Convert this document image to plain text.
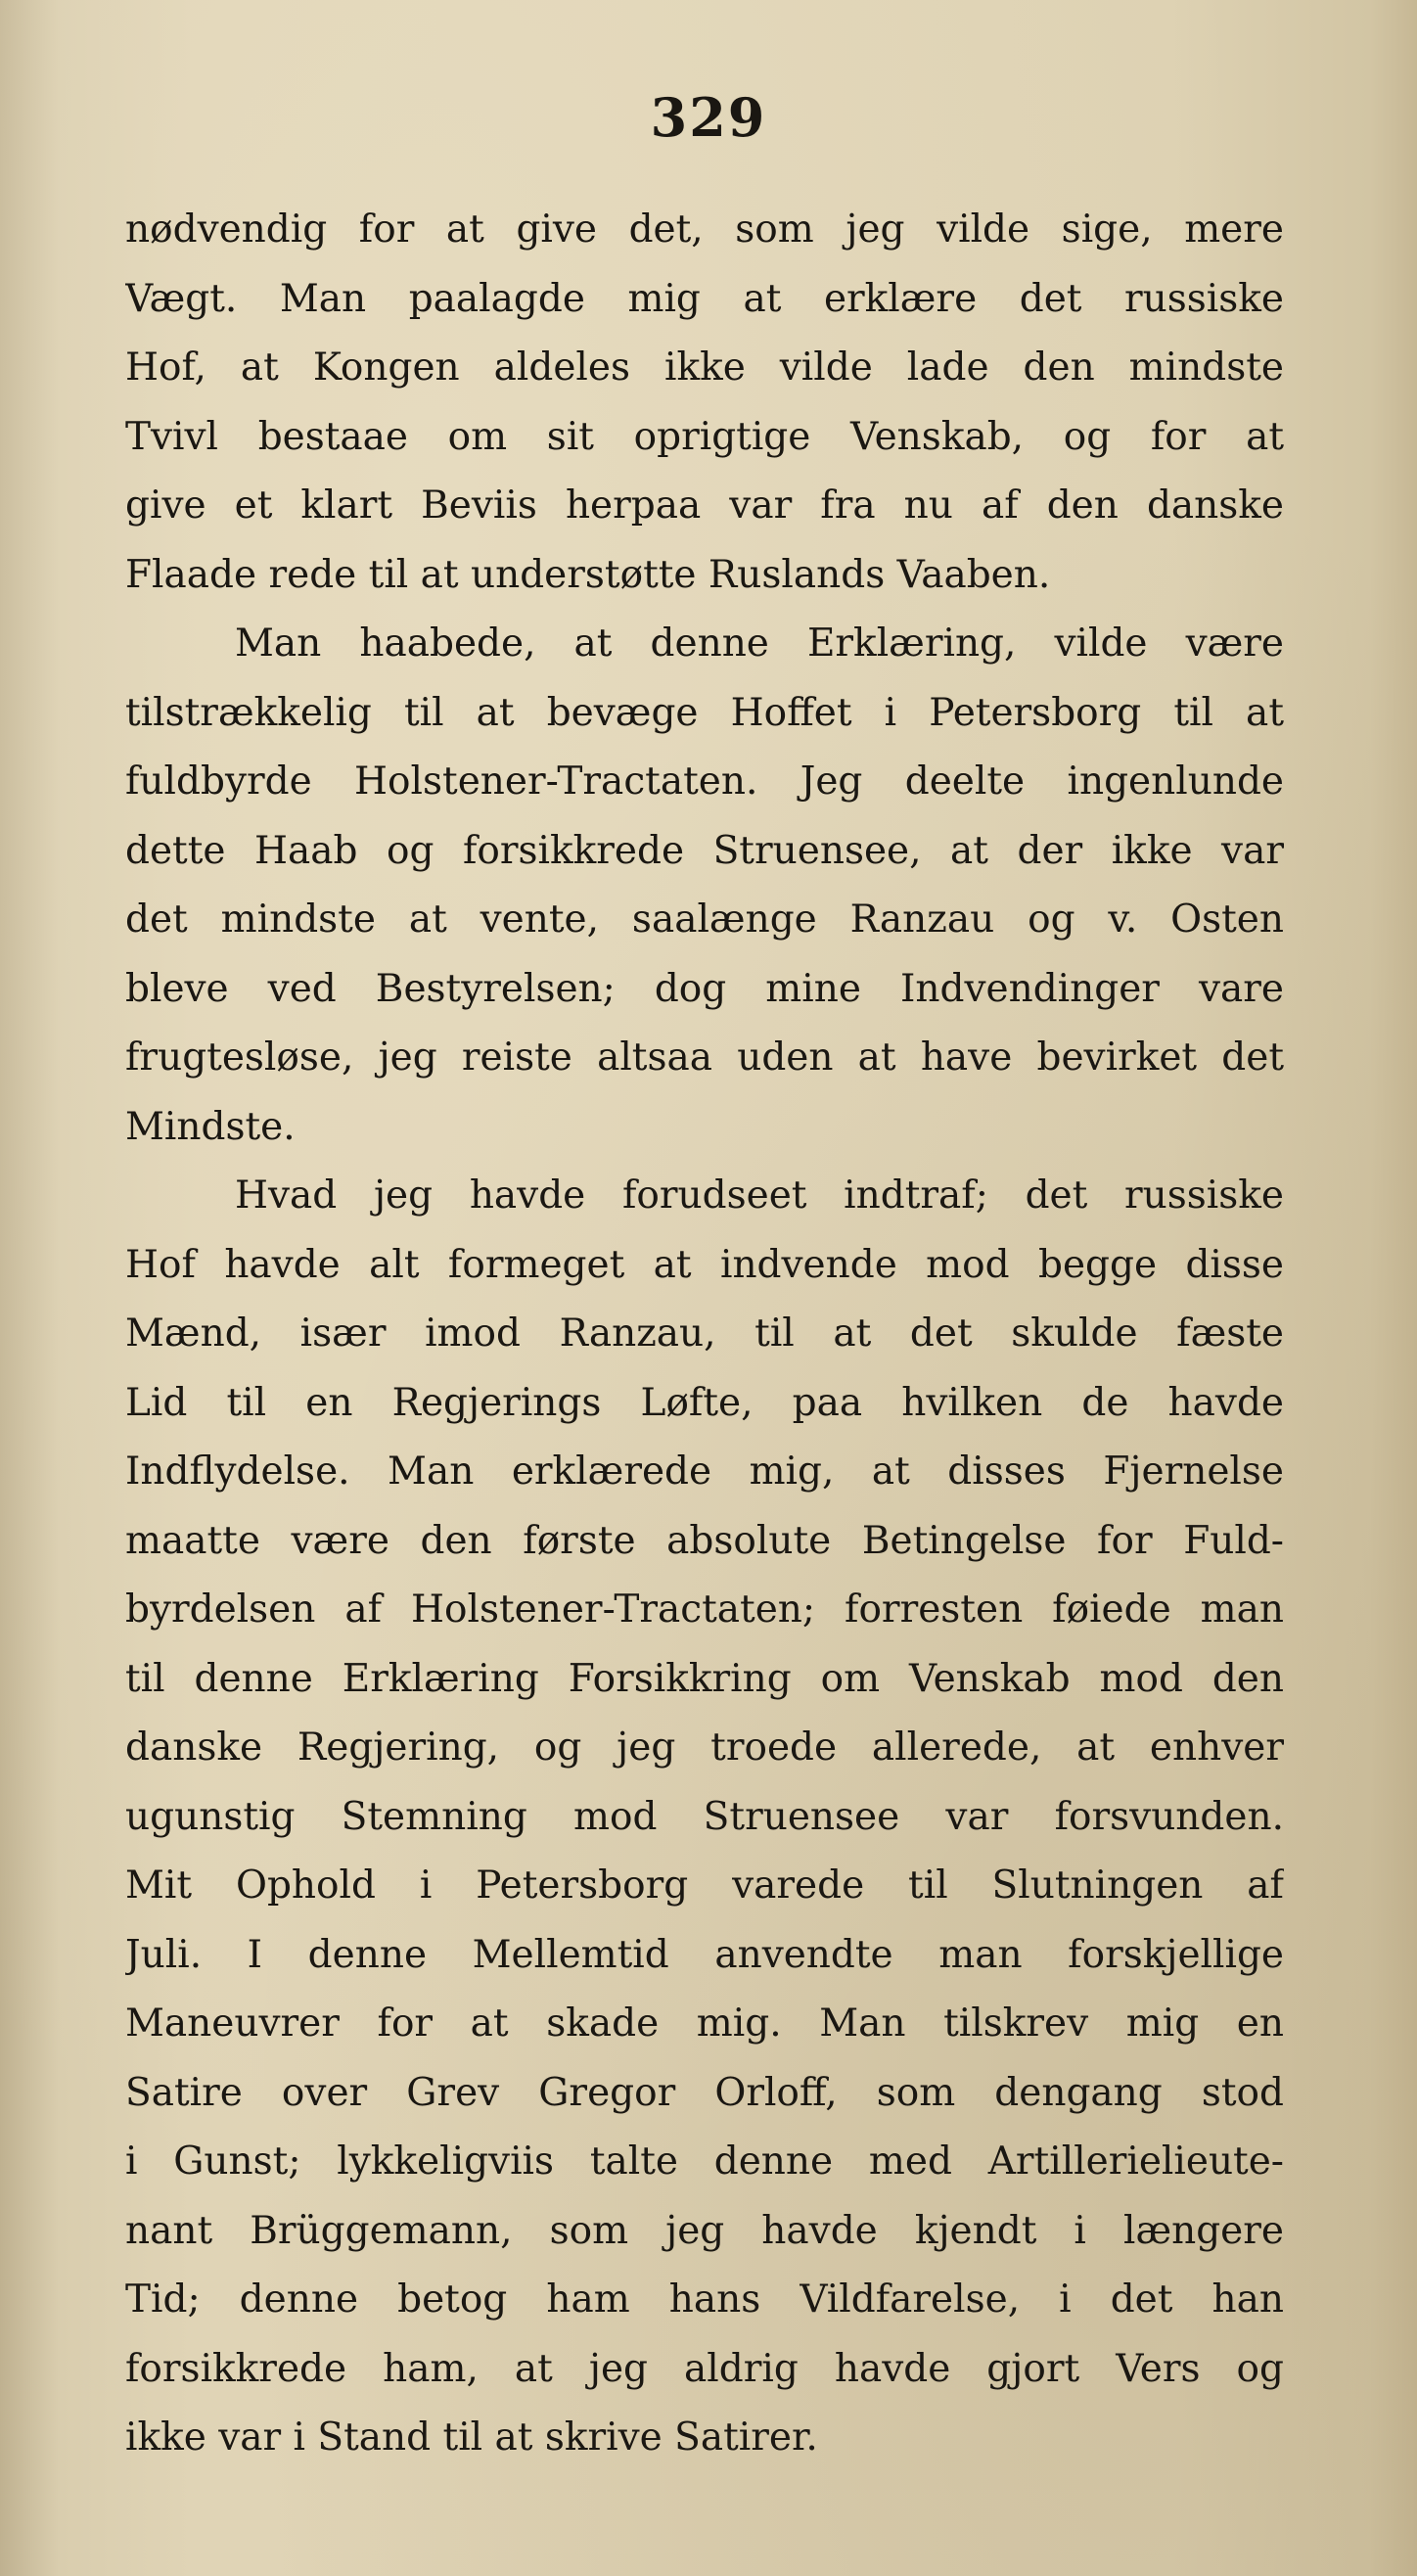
329
nødvendig for at give det, som jeg vilde sige, mere
Vægt. Man paalagde mig at erklære det russiske
Hof, at Kongen aldeles ikke vilde lade den mindste
Tvivl bestaae om sit oprigtige Venskab, og for at
give et klart Beviis herpaa var fra nu af den danske
Flaade rede til at understøtte Ruslands Vaaben.
Man haabede, at denne Erklæring, vilde være
tilstrækkelig til at bevæge Hoffet i Petersborg til at
fuldbyrde Holstener-Tractaten. Jeg deelte ingenlunde
dette Haab og forsikkrede Struensee, at der ikke var
det mindste at vente, saalænge Ranzau og v. Osten
bleve ved Bestyrelsen; dog mine Indvendinger vare
frugtesløse, jeg reiste altsaa uden at have bevirket det
Mindste.
Hvad jeg havde forudseet indtraf; det russiske
Hof havde alt formeget at indvende mod begge disse
Mænd, især imod Ranzau, til at det skulde fæste
Lid til en Regjerings Løfte, paa hvilken de havde
Indflydelse. Man erklærede mig, at disses Fjernelse
maatte være den første absolute Betingelse for Fuld-
byrdelsen af Holstener-Tractaten; forresten føiede man
til denne Erklæring Forsikkring om Venskab mod den
danske Regjering, og jeg troede allerede, at enhver
ugunstig Stemning mod Struensee var forsvunden.
Mit Ophold i Petersborg varede til Slutningen af
Juli. I denne Mellemtid anvendte man forskjellige
Maneuvrer for at skade mig. Man tilskrev mig en
Satire over Grev Gregor Orloff, som dengang stod
i Gunst; lykkeligviis talte denne med Artillerielieute-
nant Brüggemann, som jeg havde kjendt i længere
Tid; denne betog ham hans Vildfarelse, i det han
forsikkrede ham, at jeg aldrig havde gjort Vers og
ikke var i Stand til at skrive Satirer.
